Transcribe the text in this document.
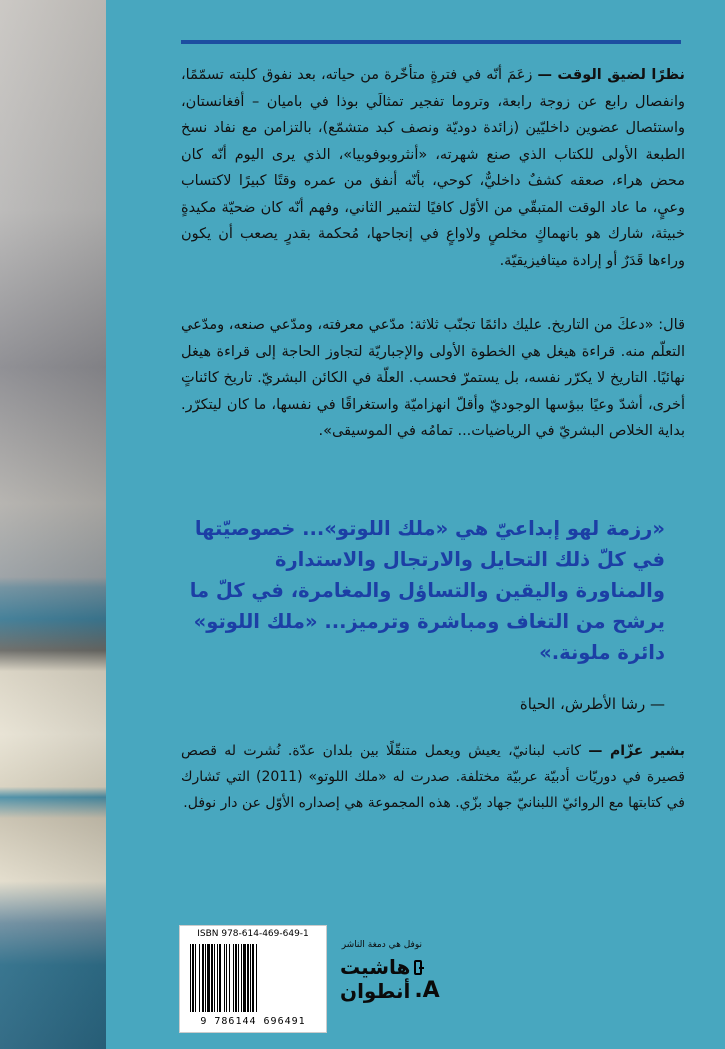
نظرًا لضيق الوقت — زعَمَ أنّه في فترةٍ متأخّرة من حياته، بعد نفوق كلبته تسمّمًا، وانفصال رابع عن زوجة رابعة، وتروما تفجير تمثالَي بوذا في باميان – أفغانستان، واستئصال عضوين داخليّين (زائدة دوديّة ونصف كبد متشمّع)، بالتزامن مع نفاد نسخ الطبعة الأولى للكتاب الذي صنع شهرته، «أنثروبوفوبيا»، الذي يرى اليوم أنّه كان محض هراء، صعقه كشفٌ داخليٌّ، كوحي، بأنّه أنفق من عمره وقتًا كبيرًا لاكتساب وعيٍ، ما عاد الوقت المتبقّي من الأوّل كافيًا لتثمير الثاني، وفهم أنّه كان ضحيّة مكيدةٍ خبيثة، شارك هو بانهماكٍ مخلصٍ ولاواعٍ في إنجاحها، مُحكمة بقدرٍ يصعب أن يكون وراءها قَدَرٌ أو إرادة ميتافيزيقيّة.
قال: «دعكَ من التاريخ. عليك دائمًا تجنّب ثلاثة: مدّعي معرفته، ومدّعي صنعه، ومدّعي التعلّم منه. قراءة هيغل هي الخطوة الأولى والإجباريّة لتجاوز الحاجة إلى قراءة هيغل نهائيًا. التاريخ لا يكرّر نفسه، بل يستمرّ فحسب. العلّة في الكائن البشريّ. تاريخ كائناتٍ أخرى، أشدّ وعيًا ببؤسها الوجوديّ وأقلّ انهزاميّة واستغراقًا في نفسها، ما كان ليتكرّر. بداية الخلاص البشريّ في الرياضيات... تمامُه في الموسيقى».
«رزمة لهو إبداعيّ هي «ملك اللوتو»... خصوصيّتها في كلّ ذلك التحايل والارتجال والاستدارة والمناورة واليقين والتساؤل والمغامرة، في كلّ ما يرشح من التغاف ومباشرة وترميز... «ملك اللوتو» دائرة ملونة.»
— رشا الأطرش، الحياة
بشير عزّام — كاتب لبنانيّ، يعيش ويعمل متنقّلًا بين بلدان عدّة. نُشرت له قصص قصيرة في دوريّات أدبيّة عربيّة مختلفة. صدرت له «ملك اللوتو» (2011) التي تَشارك في كتابتها مع الروائيّ اللبنانيّ جهاد بزّي. هذه المجموعة هي إصداره الأوّل عن دار نوفل.
ISBN 978-614-469-649-1
9 786144 696491
نوفل هي دمغة الناشر
هاشيت
أنطوان A.
